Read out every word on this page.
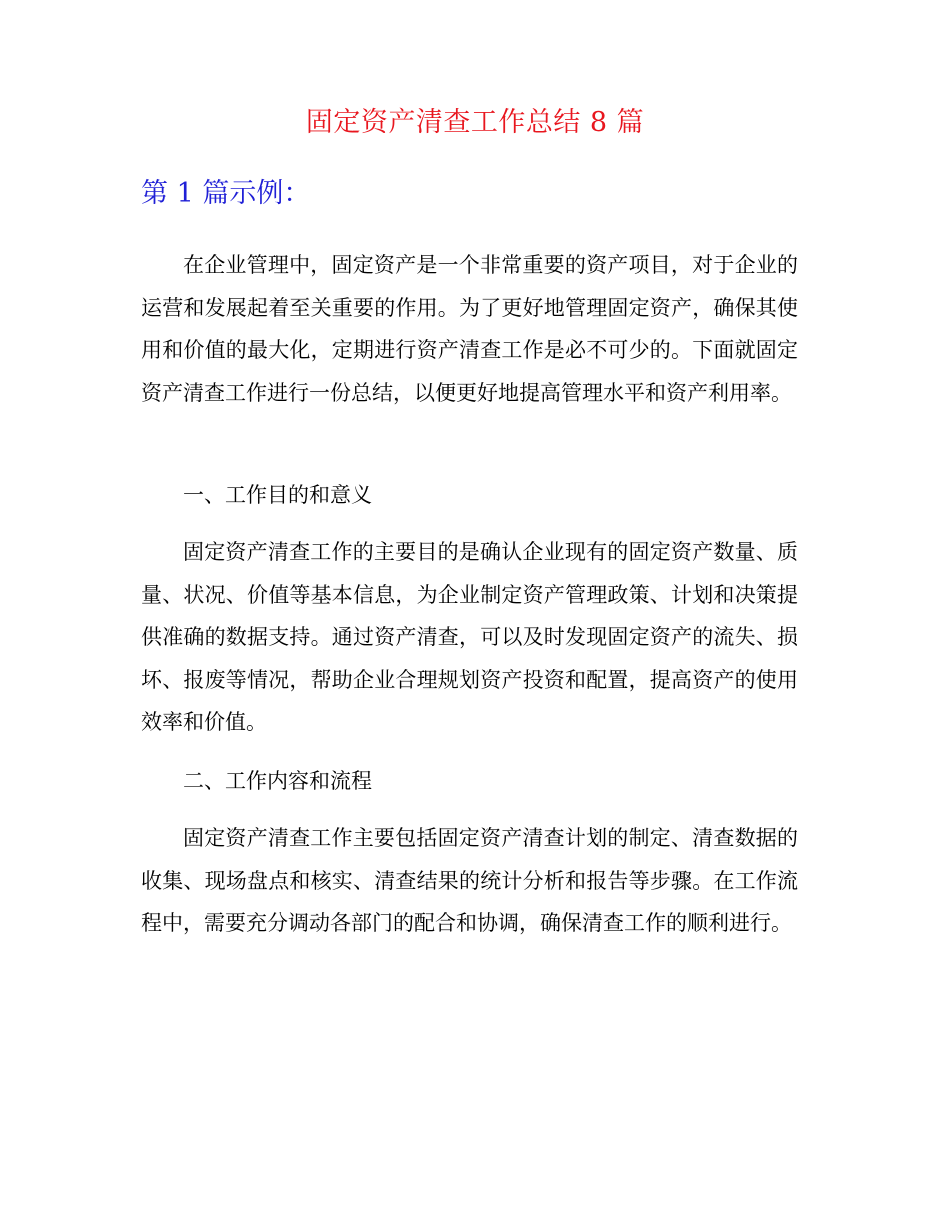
固定资产清查工作总结 8 篇
第 1 篇示例：

在企业管理中，固定资产是一个非常重要的资产项目，对于企业的运营和发展起着至关重要的作用。为了更好地管理固定资产，确保其使用和价值的最大化，定期进行资产清查工作是必不可少的。下面就固定资产清查工作进行一份总结，以便更好地提高管理水平和资产利用率。

一、工作目的和意义

固定资产清查工作的主要目的是确认企业现有的固定资产数量、质量、状况、价值等基本信息，为企业制定资产管理政策、计划和决策提供准确的数据支持。通过资产清查，可以及时发现固定资产的流失、损坏、报废等情况，帮助企业合理规划资产投资和配置，提高资产的使用效率和价值。

二、工作内容和流程

固定资产清查工作主要包括固定资产清查计划的制定、清查数据的收集、现场盘点和核实、清查结果的统计分析和报告等步骤。在工作流程中，需要充分调动各部门的配合和协调，确保清查工作的顺利进行。
